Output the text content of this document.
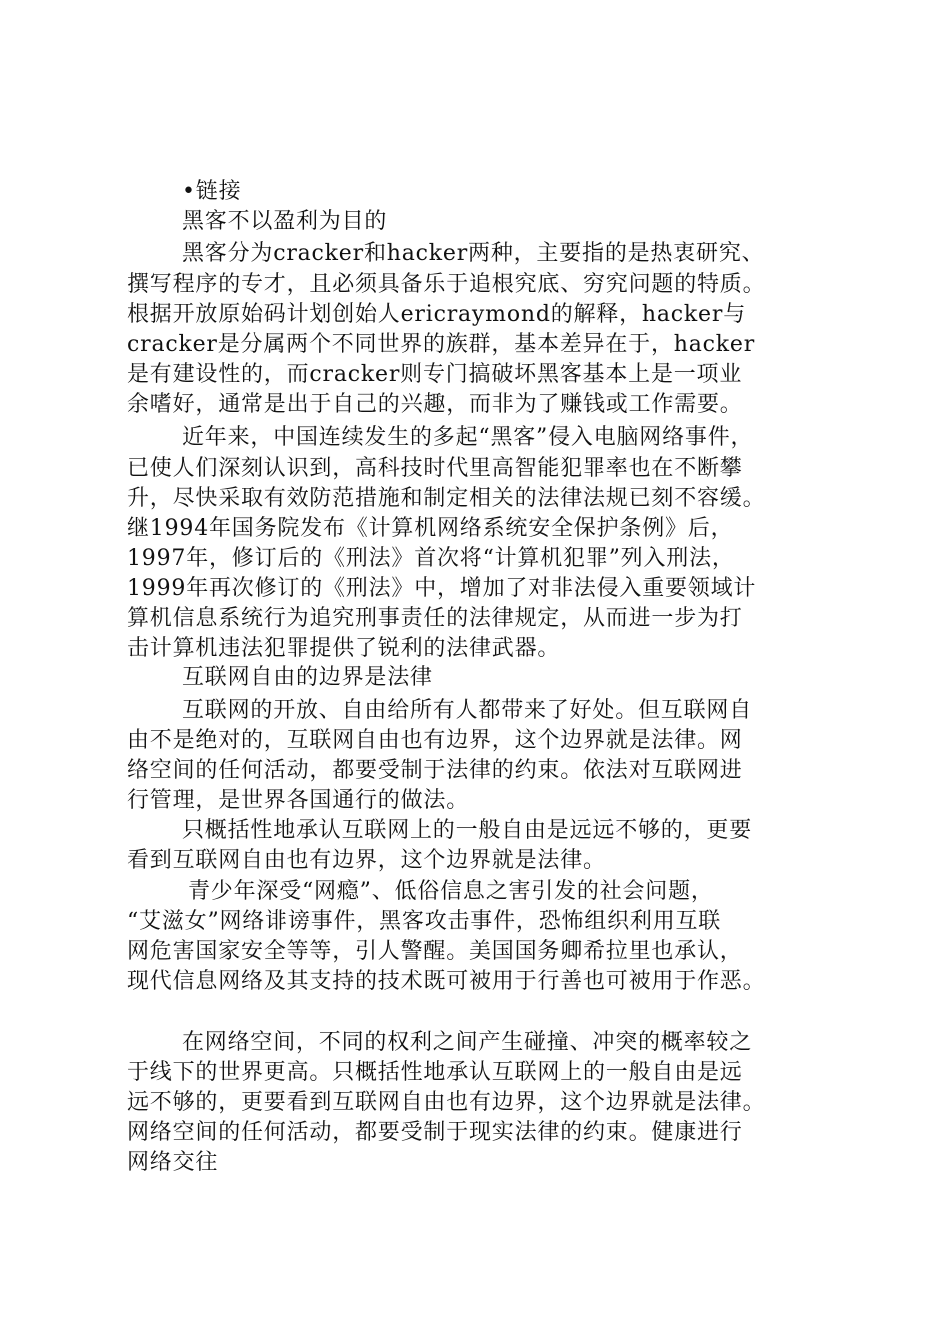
•链接
黑客不以盈利为目的
黑客分为cracker和hacker两种，主要指的是热衷研究、
撰写程序的专才，且必须具备乐于追根究底、穷究问题的特质。
根据开放原始码计划创始人ericraymond的解释，hacker与
cracker是分属两个不同世界的族群，基本差异在于，hacker
是有建设性的，而cracker则专门搞破坏黑客基本上是一项业
余嗜好，通常是出于自己的兴趣，而非为了赚钱或工作需要。
近年来，中国连续发生的多起“黑客”侵入电脑网络事件，
已使人们深刻认识到，高科技时代里高智能犯罪率也在不断攀
升，尽快采取有效防范措施和制定相关的法律法规已刻不容缓。
继1994年国务院发布《计算机网络系统安全保护条例》后，
1997年，修订后的《刑法》首次将“计算机犯罪”列入刑法，
1999年再次修订的《刑法》中，增加了对非法侵入重要领域计
算机信息系统行为追究刑事责任的法律规定，从而进一步为打
击计算机违法犯罪提供了锐利的法律武器。
互联网自由的边界是法律
互联网的开放、自由给所有人都带来了好处。但互联网自
由不是绝对的，互联网自由也有边界，这个边界就是法律。网
络空间的任何活动，都要受制于法律的约束。依法对互联网进
行管理，是世界各国通行的做法。
只概括性地承认互联网上的一般自由是远远不够的，更要
看到互联网自由也有边界，这个边界就是法律。
青少年深受“网瘾”、低俗信息之害引发的社会问题，
“艾滋女”网络诽谤事件，黑客攻击事件，恐怖组织利用互联
网危害国家安全等等，引人警醒。美国国务卿希拉里也承认，
现代信息网络及其支持的技术既可被用于行善也可被用于作恶。
在网络空间，不同的权利之间产生碰撞、冲突的概率较之
于线下的世界更高。只概括性地承认互联网上的一般自由是远
远不够的，更要看到互联网自由也有边界，这个边界就是法律。
网络空间的任何活动，都要受制于现实法律的约束。健康进行
网络交往
